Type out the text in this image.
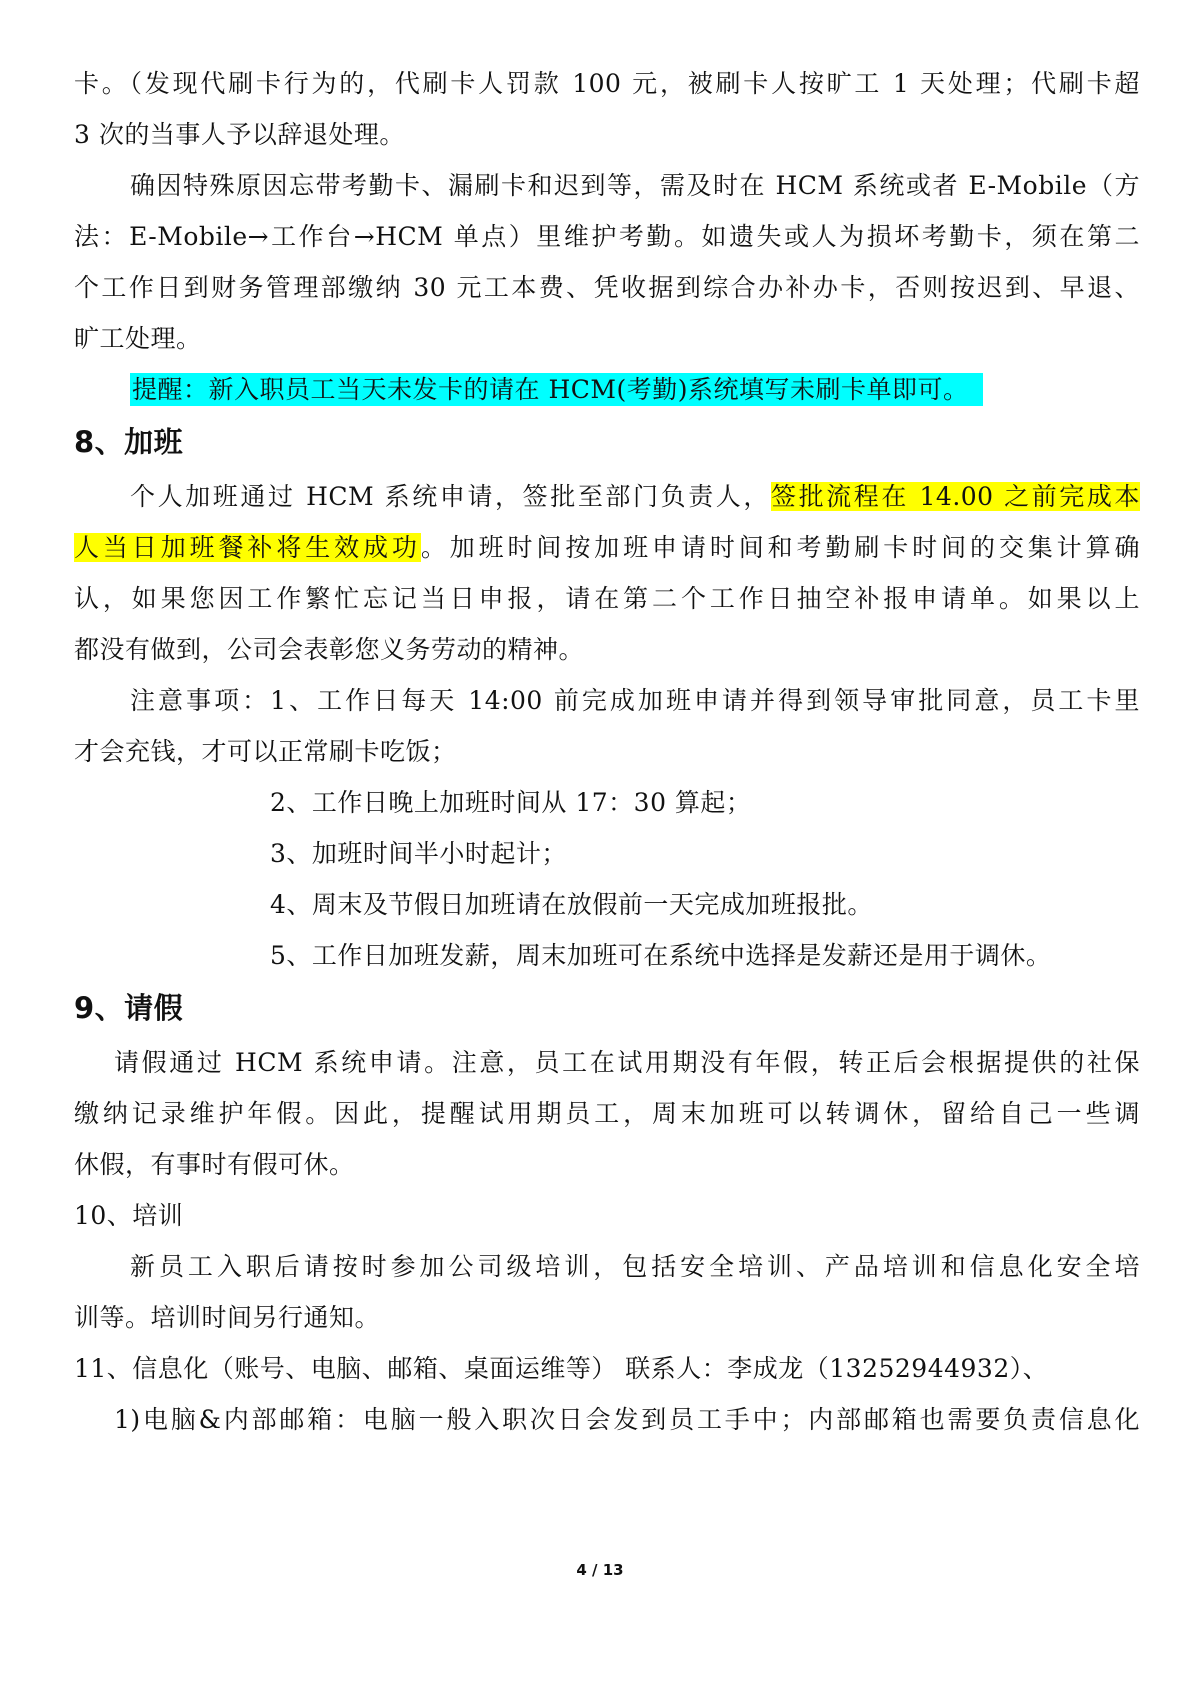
卡。（发现代刷卡行为的，代刷卡人罚款 100 元，被刷卡人按旷工 1 天处理；代刷卡超
3 次的当事人予以辞退处理。
确因特殊原因忘带考勤卡、漏刷卡和迟到等，需及时在 HCM 系统或者 E-Mobile（方
法：E-Mobile→工作台→HCM 单点）里维护考勤。如遗失或人为损坏考勤卡，须在第二
个工作日到财务管理部缴纳 30 元工本费、凭收据到综合办补办卡，否则按迟到、早退、
旷工处理。
提醒：新入职员工当天未发卡的请在 HCM(考勤)系统填写未刷卡单即可。
8、加班
个人加班通过 HCM 系统申请，签批至部门负责人，签批流程在 14.00 之前完成本
人当日加班餐补将生效成功。加班时间按加班申请时间和考勤刷卡时间的交集计算确
认，如果您因工作繁忙忘记当日申报，请在第二个工作日抽空补报申请单。如果以上
都没有做到，公司会表彰您义务劳动的精神。
注意事项：1、工作日每天 14:00 前完成加班申请并得到领导审批同意，员工卡里
才会充钱，才可以正常刷卡吃饭；
2、工作日晚上加班时间从 17：30 算起；
3、加班时间半小时起计；
4、周末及节假日加班请在放假前一天完成加班报批。
5、工作日加班发薪，周末加班可在系统中选择是发薪还是用于调休。
9、请假
请假通过 HCM 系统申请。注意，员工在试用期没有年假，转正后会根据提供的社保
缴纳记录维护年假。因此，提醒试用期员工，周末加班可以转调休，留给自己一些调
休假，有事时有假可休。
10、培训
新员工入职后请按时参加公司级培训，包括安全培训、产品培训和信息化安全培
训等。培训时间另行通知。
11、信息化（账号、电脑、邮箱、桌面运维等） 联系人：李成龙（13252944932）、
1)电脑&内部邮箱：电脑一般入职次日会发到员工手中；内部邮箱也需要负责信息化
4 / 13
